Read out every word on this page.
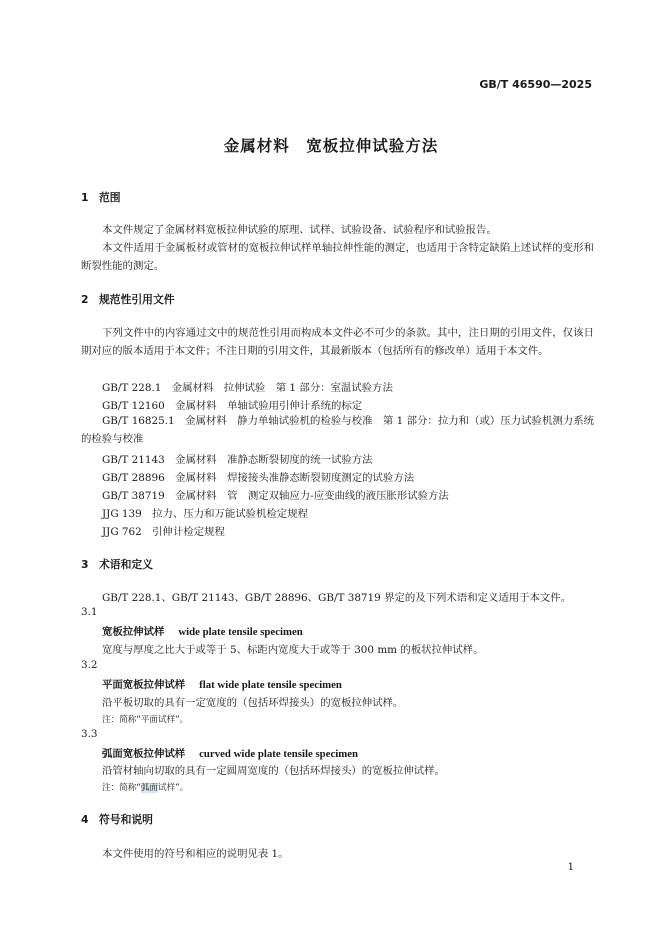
GB/T 46590—2025
金属材料　宽板拉伸试验方法
1 范围
本文件规定了金属材料宽板拉伸试验的原理、试样、试验设备、试验程序和试验报告。
本文件适用于金属板材或管材的宽板拉伸试样单轴拉伸性能的测定，也适用于含特定缺陷上述试样的变形和断裂性能的测定。
2 规范性引用文件
下列文件中的内容通过文中的规范性引用而构成本文件必不可少的条款。其中，注日期的引用文件，仅该日期对应的版本适用于本文件；不注日期的引用文件，其最新版本（包括所有的修改单）适用于本文件。
GB/T 228.1　金属材料　拉伸试验　第 1 部分：室温试验方法
GB/T 12160　金属材料　单轴试验用引伸计系统的标定
GB/T 16825.1　金属材料　静力单轴试验机的检验与校准　第 1 部分：拉力和（或）压力试验机测力系统的检验与校准
GB/T 21143　金属材料　准静态断裂韧度的统一试验方法
GB/T 28896　金属材料　焊接接头准静态断裂韧度测定的试验方法
GB/T 38719　金属材料　管　测定双轴应力-应变曲线的液压胀形试验方法
JJG 139　拉力、压力和万能试验机检定规程
JJG 762　引伸计检定规程
3 术语和定义
GB/T 228.1、GB/T 21143、GB/T 28896、GB/T 38719 界定的及下列术语和定义适用于本文件。
3.1
宽板拉伸试样 wide plate tensile specimen
宽度与厚度之比大于或等于 5、标距内宽度大于或等于 300 mm 的板状拉伸试样。
3.2
平面宽板拉伸试样 flat wide plate tensile specimen
沿平板切取的具有一定宽度的（包括环焊接头）的宽板拉伸试样。
注：简称“平面试样”。
3.3
弧面宽板拉伸试样 curved wide plate tensile specimen
沿管材轴向切取的具有一定圆周宽度的（包括环焊接头）的宽板拉伸试样。
注：简称“弧面试样”。
4 符号和说明
本文件使用的符号和相应的说明见表 1。
1
